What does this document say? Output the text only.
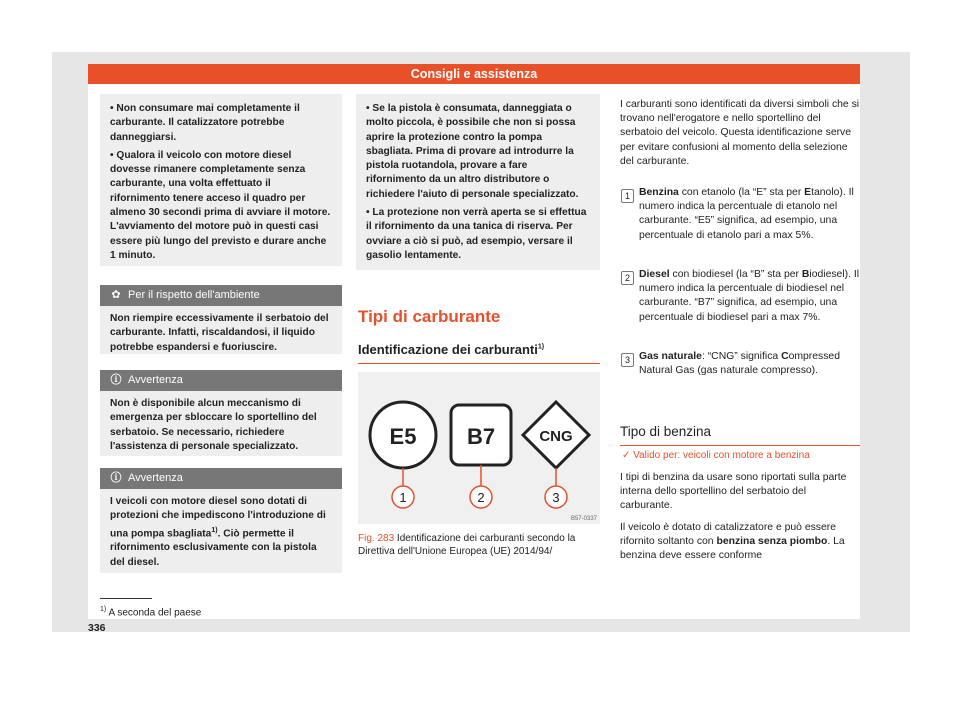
Consigli e assistenza

• Non consumare mai completamente il carburante. Il catalizzatore potrebbe danneggiarsi.

• Qualora il veicolo con motore diesel dovesse rimanere completamente senza carburante, una volta effettuato il rifornimento tenere acceso il quadro per almeno 30 secondi prima di avviare il motore. L'avviamento del motore può in questi casi essere più lungo del previsto e durare anche 1 minuto.

✿ Per il rispetto dell'ambiente
Non riempire eccessivamente il serbatoio del carburante. Infatti, riscaldandosi, il liquido potrebbe espandersi e fuoriuscire.
ⓘ Avvertenza
Non è disponibile alcun meccanismo di emergenza per sbloccare lo sportellino del serbatoio. Se necessario, richiedere l'assistenza di personale specializzato.
ⓘ Avvertenza
I veicoli con motore diesel sono dotati di protezioni che impediscono l'introduzione di una pompa sbagliata$^{1)}$. Ciò permette il rifornimento esclusivamente con la pistola del diesel.

• Se la pistola è consumata, danneggiata o molto piccola, è possibile che non si possa aprire la protezione contro la pompa sbagliata. Prima di provare ad introdurre la pistola ruotandola, provare a fare rifornimento da un altro distributore o richiedere l'aiuto di personale specializzato.

• La protezione non verrà aperta se si effettua il rifornimento da una tanica di riserva. Per ovviare a ciò si può, ad esempio, versare il gasolio lentamente.

Tipi di carburante
Identificazione dei carburanti$^{1)}$
E5 B7	CNG
1	2	3
B57-0337
Fig. 283 Identificazione dei carburanti secondo la Direttiva dell'Unione Europea (UE) 2014/94/
I carburanti sono identificati da diversi simboli che si trovano nell'erogatore e nello sportellino del serbatoio del veicolo. Questa identificazione serve per evitare confusioni al momento della selezione del carburante.
1 Benzina con etanolo (la “E” sta per Etanolo). Il numero indica la percentuale di etanolo nel carburante. “E5” significa, ad esempio, una percentuale di etanolo pari a max 5%.
2 Diesel con biodiesel (la “B” sta per Biodiesel). Il numero indica la percentuale di biodiesel nel carburante. “B7” significa, ad esempio, una percentuale di biodiesel pari a max 7%.
3 Gas naturale: “CNG” significa Compressed Natural Gas (gas naturale compresso).
Tipo di benzina
✓ Valido per: veicoli con motore a benzina
I tipi di benzina da usare sono riportati sulla parte interna dello sportellino del serbatoio del carburante.
Il veicolo è dotato di catalizzatore e può essere rifornito soltanto con benzina senza piombo. La benzina deve essere conforme
$^{1)}$ A seconda del paese
336
